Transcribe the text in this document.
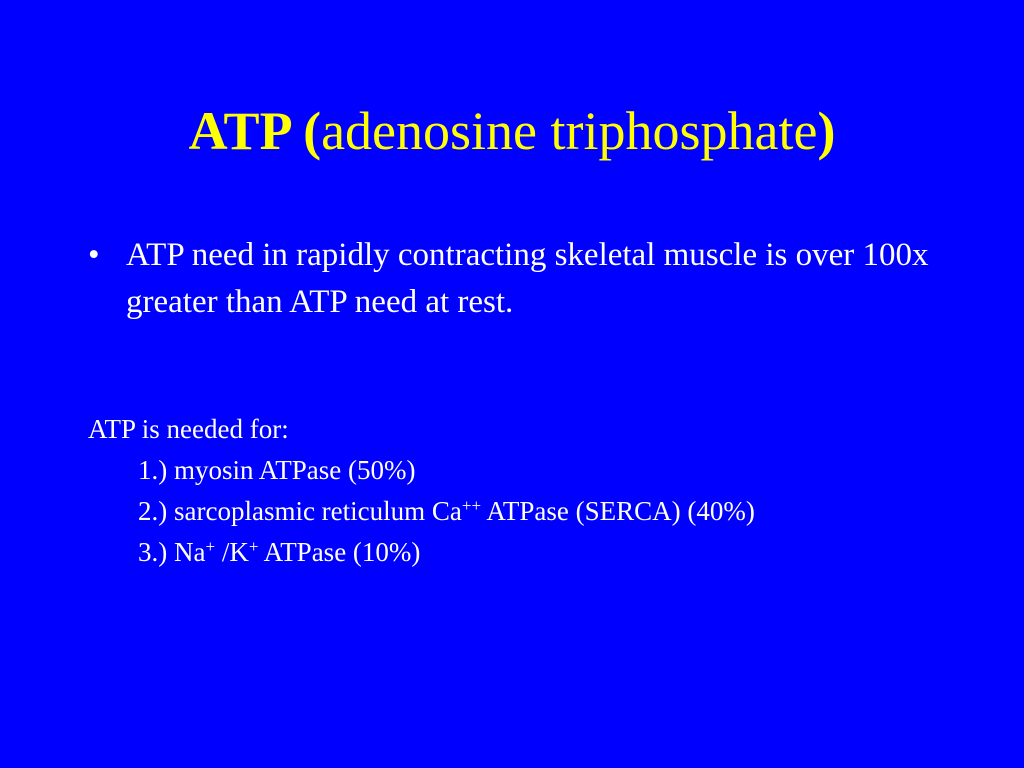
ATP (adenosine triphosphate)
• ATP need in rapidly contracting skeletal muscle is over 100x greater than ATP need at rest.
ATP is needed for:
1.) myosin ATPase (50%)
2.) sarcoplasmic reticulum Ca++ ATPase (SERCA) (40%)
3.) Na+ /K+ ATPase (10%)
